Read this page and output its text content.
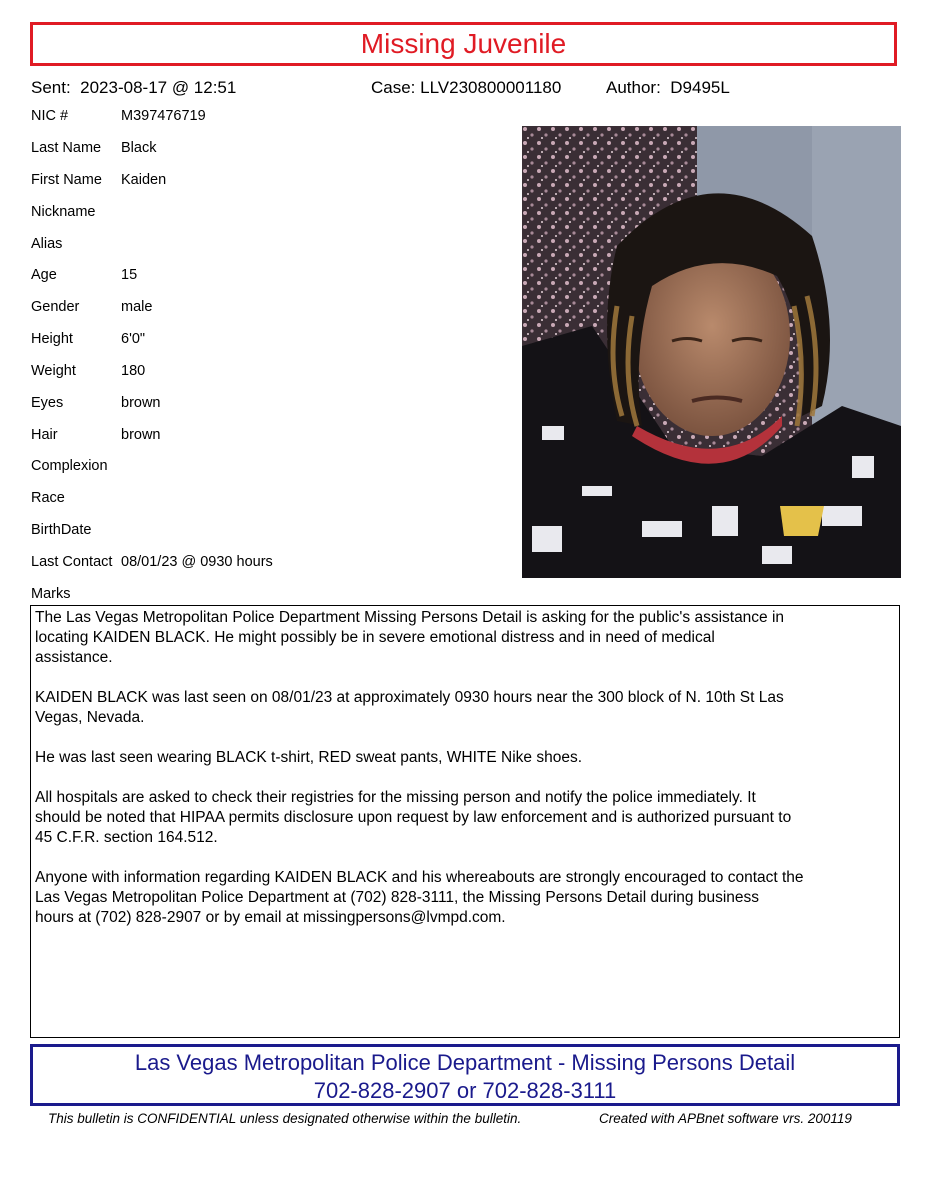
Missing Juvenile
Sent:  2023-08-17 @ 12:51	Case: LLV230800001180	Author:  D9495L
NIC #	M397476719
Last Name Black
First Name Kaiden
Nickname
Alias
Age	15
Gender	male
Height	6'0"
Weight	180
Eyes	brown
Hair	brown
Complexion
Race
BirthDate
Last Contact 08/01/23 @ 0930 hours
Marks

The Las Vegas Metropolitan Police Department Missing Persons Detail is asking for the public's assistance in
locating KAIDEN BLACK. He might possibly be in severe emotional distress and in need of medical
assistance.

KAIDEN BLACK was last seen on 08/01/23 at approximately 0930 hours near the 300 block of N. 10th St Las
Vegas, Nevada.

He was last seen wearing BLACK t-shirt, RED sweat pants, WHITE Nike shoes.

All hospitals are asked to check their registries for the missing person and notify the police immediately. It
should be noted that HIPAA permits disclosure upon request by law enforcement and is authorized pursuant to
45 C.F.R. section 164.512.

Anyone with information regarding KAIDEN BLACK and his whereabouts are strongly encouraged to contact the
Las Vegas Metropolitan Police Department at (702) 828-3111, the Missing Persons Detail during business
hours at (702) 828-2907 or by email at missingpersons@lvmpd.com.

Las Vegas Metropolitan Police Department - Missing Persons Detail
702-828-2907 or 702-828-3111
This bulletin is CONFIDENTIAL unless designated otherwise within the bulletin.	Created with APBnet software vrs. 200119
